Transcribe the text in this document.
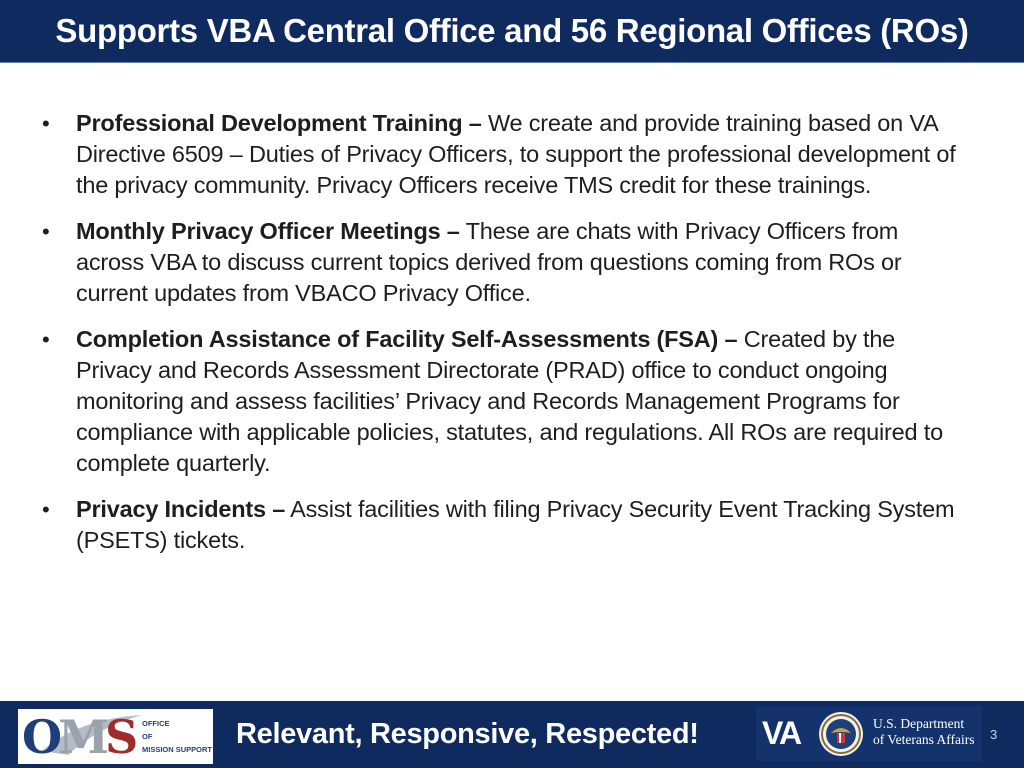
Supports VBA Central Office and 56 Regional Offices (ROs)
• Professional Development Training – We create and provide training based on VA Directive 6509 – Duties of Privacy Officers, to support the professional development of the privacy community. Privacy Officers receive TMS credit for these trainings.
• Monthly Privacy Officer Meetings – These are chats with Privacy Officers from across VBA to discuss current topics derived from questions coming from ROs or current updates from VBACO Privacy Office.
• Completion Assistance of Facility Self-Assessments (FSA) – Created by the Privacy and Records Assessment Directorate (PRAD) office to conduct ongoing monitoring and assess facilities’ Privacy and Records Management Programs for compliance with applicable policies, statutes, and regulations. All ROs are required to complete quarterly.
• Privacy Incidents – Assist facilities with filing Privacy Security Event Tracking System (PSETS) tickets.
OMS OFFICE
OF
MISSION SUPPORT Relevant, Responsive, Respected! VA	U.S. Department
of Veterans Affairs 3
